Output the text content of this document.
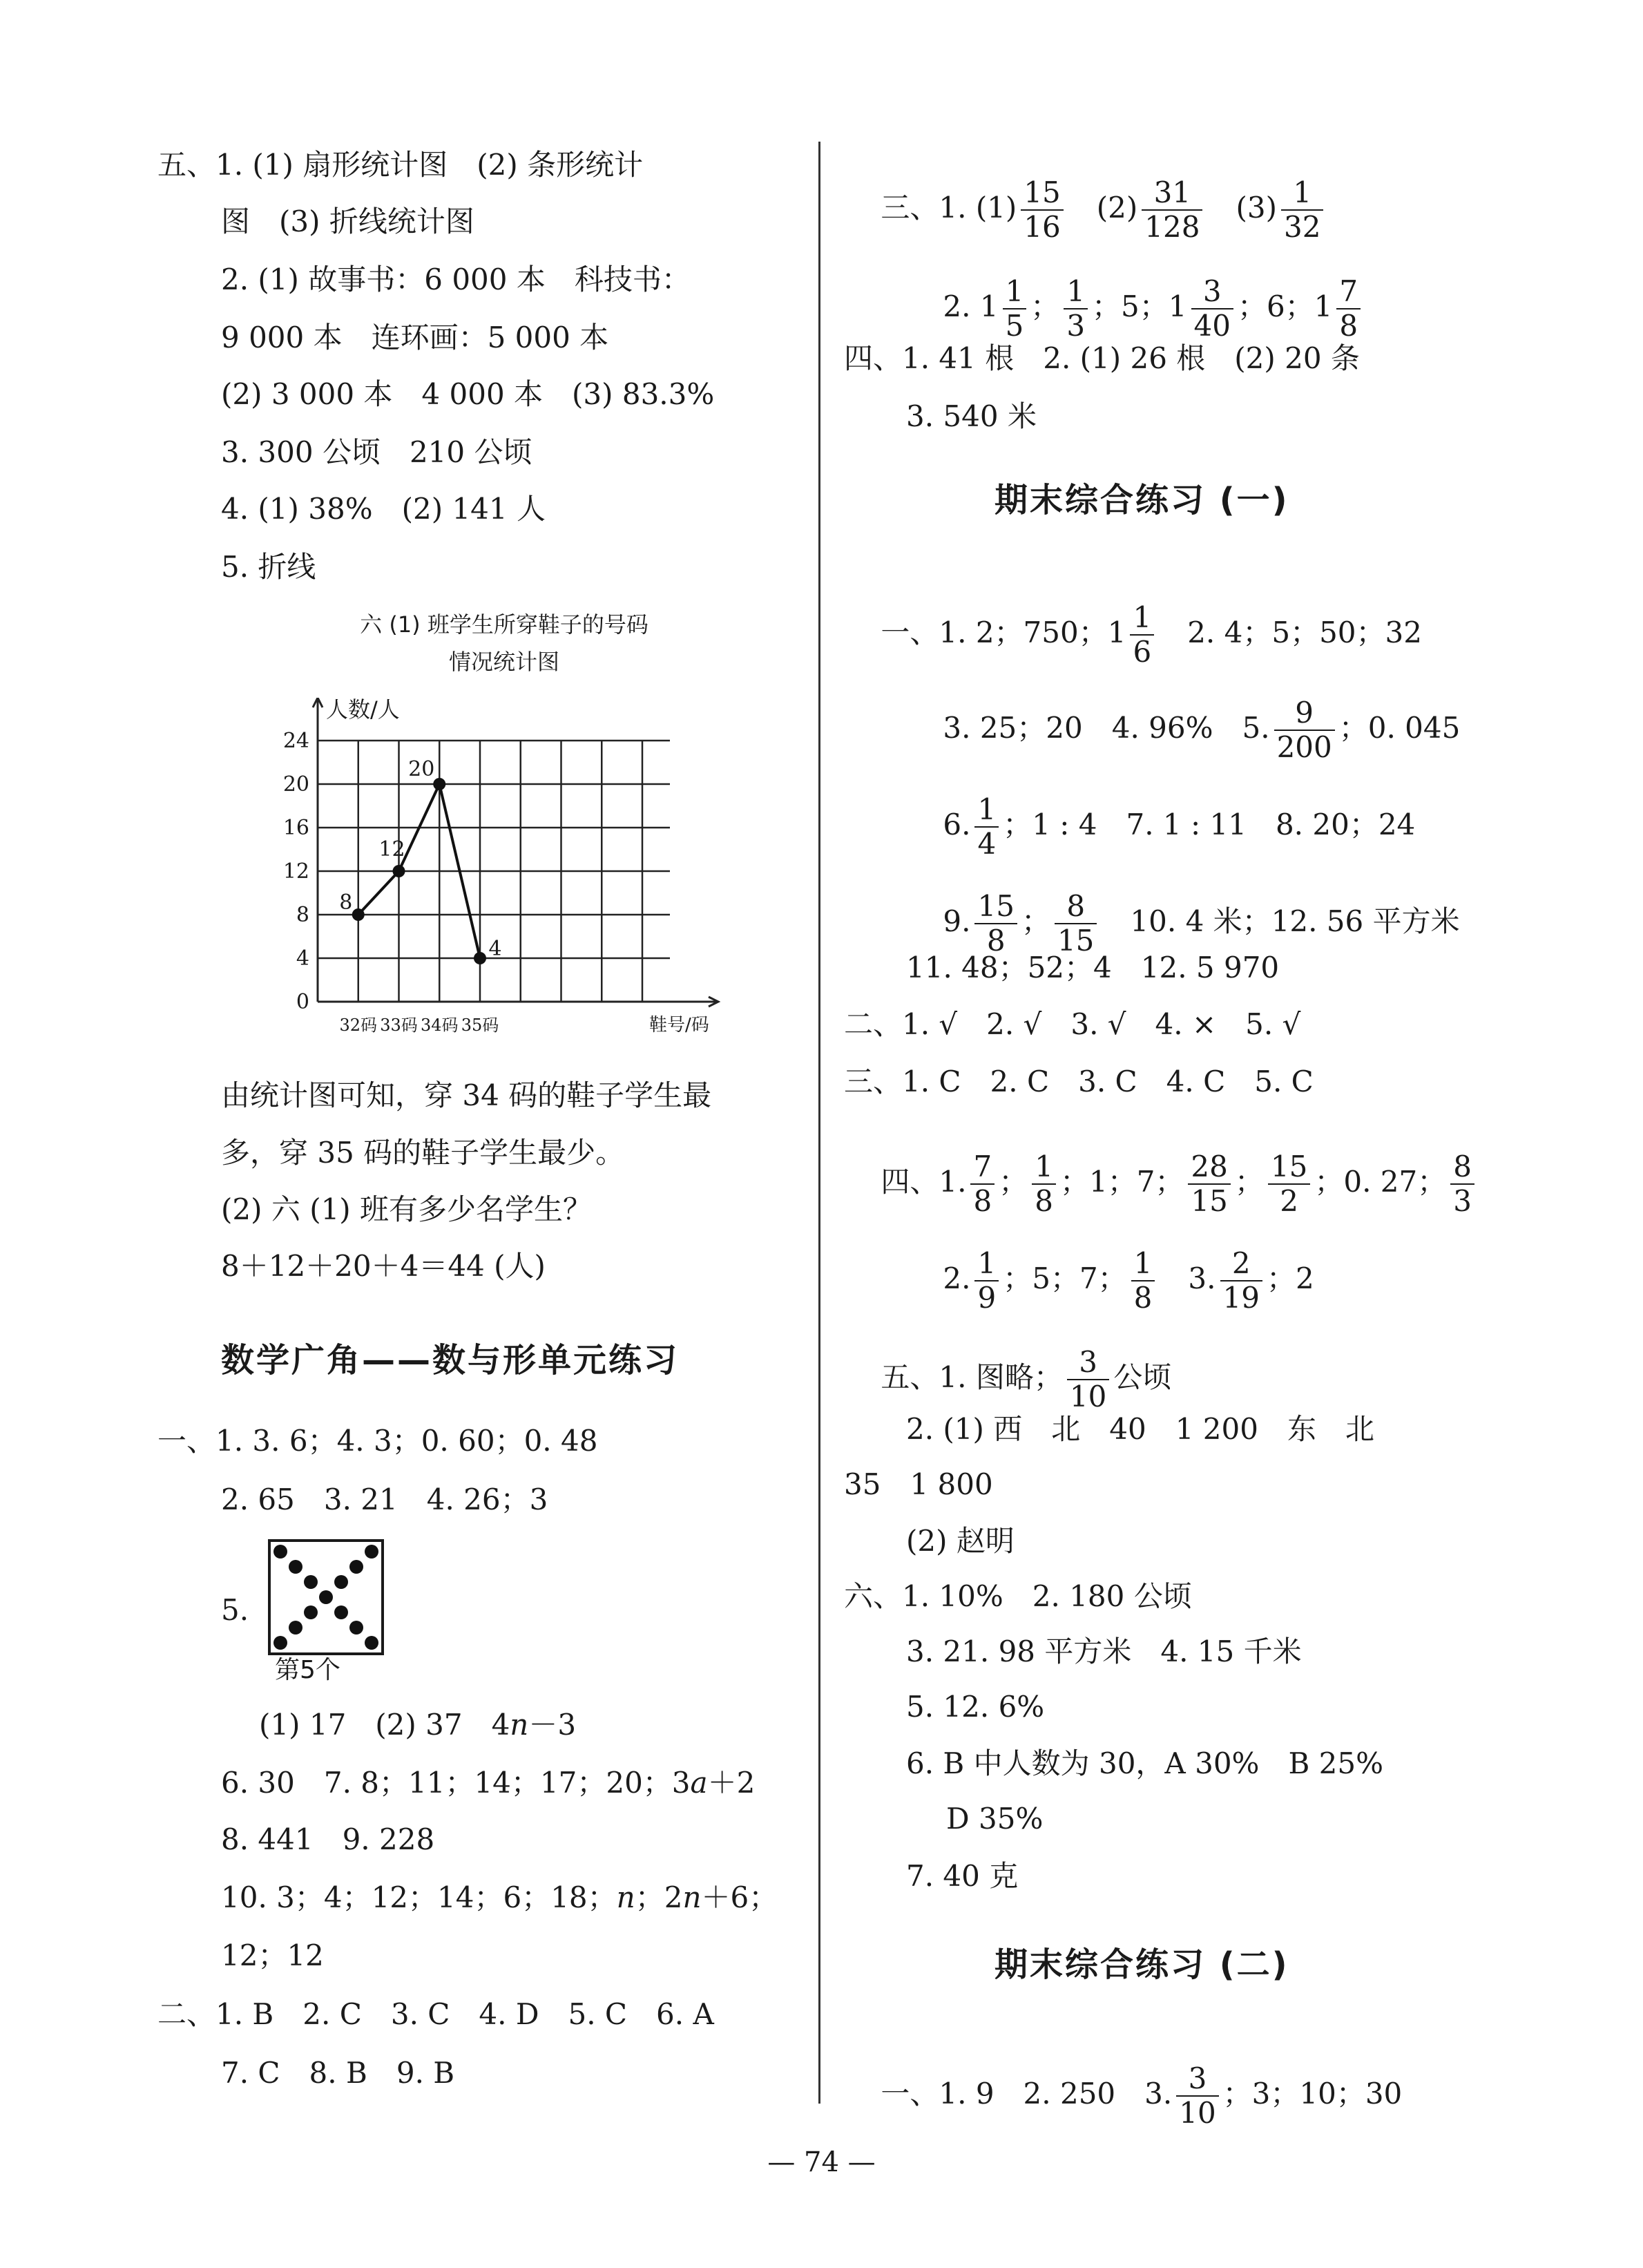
五、1. (1) 扇形统计图　(2) 条形统计
图　(3) 折线统计图
2. (1) 故事书：6 000 本　科技书：
9 000 本　连环画：5 000 本
(2) 3 000 本　4 000 本　(3) 83.3%
3. 300 公顷　210 公顷
4. (1) 38%　(2) 141 人
5. 折线
六 (1) 班学生所穿鞋子的号码
情况统计图
人数/人
鞋号/码
0
4
8
12
16
20
24
32码 33码 34码 35码
8
12
20
4
由统计图可知，穿 34 码的鞋子学生最
多，穿 35 码的鞋子学生最少。
(2) 六 (1) 班有多少名学生？
8＋12＋20＋4＝44 (人)
数学广角——数与形单元练习
一、1. 3. 6；4. 3；0. 60；0. 48
2. 65　3. 21　4. 26；3
5.
第5个
(1) 17　(2) 37　4n－3
6. 30　7. 8；11；14；17；20；3a＋2
8. 441　9. 228
10. 3；4；12；14；6；18；n；2n＋6；
12；12
二、1. B　2. C　3. C　4. D　5. C　6. A
7. C　8. B　9. B

三、1. $(1) \frac{15}{16}$
　 $(2) \frac{31}{128}$
　 $(3) \frac{1}{32}$

2. $1 \frac{1}{5}$ ； $\frac{1}{3}$ ；5；$1 \frac{3}{40}$ ；6；$1 \frac{7}{8}$

四、1. 41 根　2. (1) 26 根　(2) 20 条
3. 540 米
期末综合练习 (一)

一、1. 2；750；$1 \frac{1}{6}$
　 2. 4；5；50；32

3. 25；20　4. 96%　5. $\frac{9}{200}$ ；0. 045

6. $\frac{1}{4}$ ；1 : 4　7. 1 : 11　8. 20；24

9. $\frac{15}{8}$ ； $\frac{8}{15}$
　 10. 4 米；12. 56 平方米

11. 48；52；4　12. 5 970
二、1. √　2. √　3. √　4. ×　5. √
三、1. C　2. C　3. C　4. C　5. C

四、1. $\frac{7}{8}$ ； $\frac{1}{8}$ ；1；7； $\frac{28}{15}$ ； $\frac{15}{2}$ ；0. 27； $\frac{8}{3}$

2. $\frac{1}{9}$ ；5；7； $\frac{1}{8}$
　 3. $\frac{2}{19}$ ；2

五、1. 图略； $\frac{3}{10}$ 公顷

2. (1) 西　北　40　1 200　东　北
35　1 800
(2) 赵明
六、1. 10%　2. 180 公顷
3. 21. 98 平方米　4. 15 千米
5. 12. 6%
6. B 中人数为 30，A 30%　B 25%
D 35%
7. 40 克
期末综合练习 (二)

一、1. 9　2. 250　3. $\frac{3}{10}$ ；3；10；30

— 74 —
